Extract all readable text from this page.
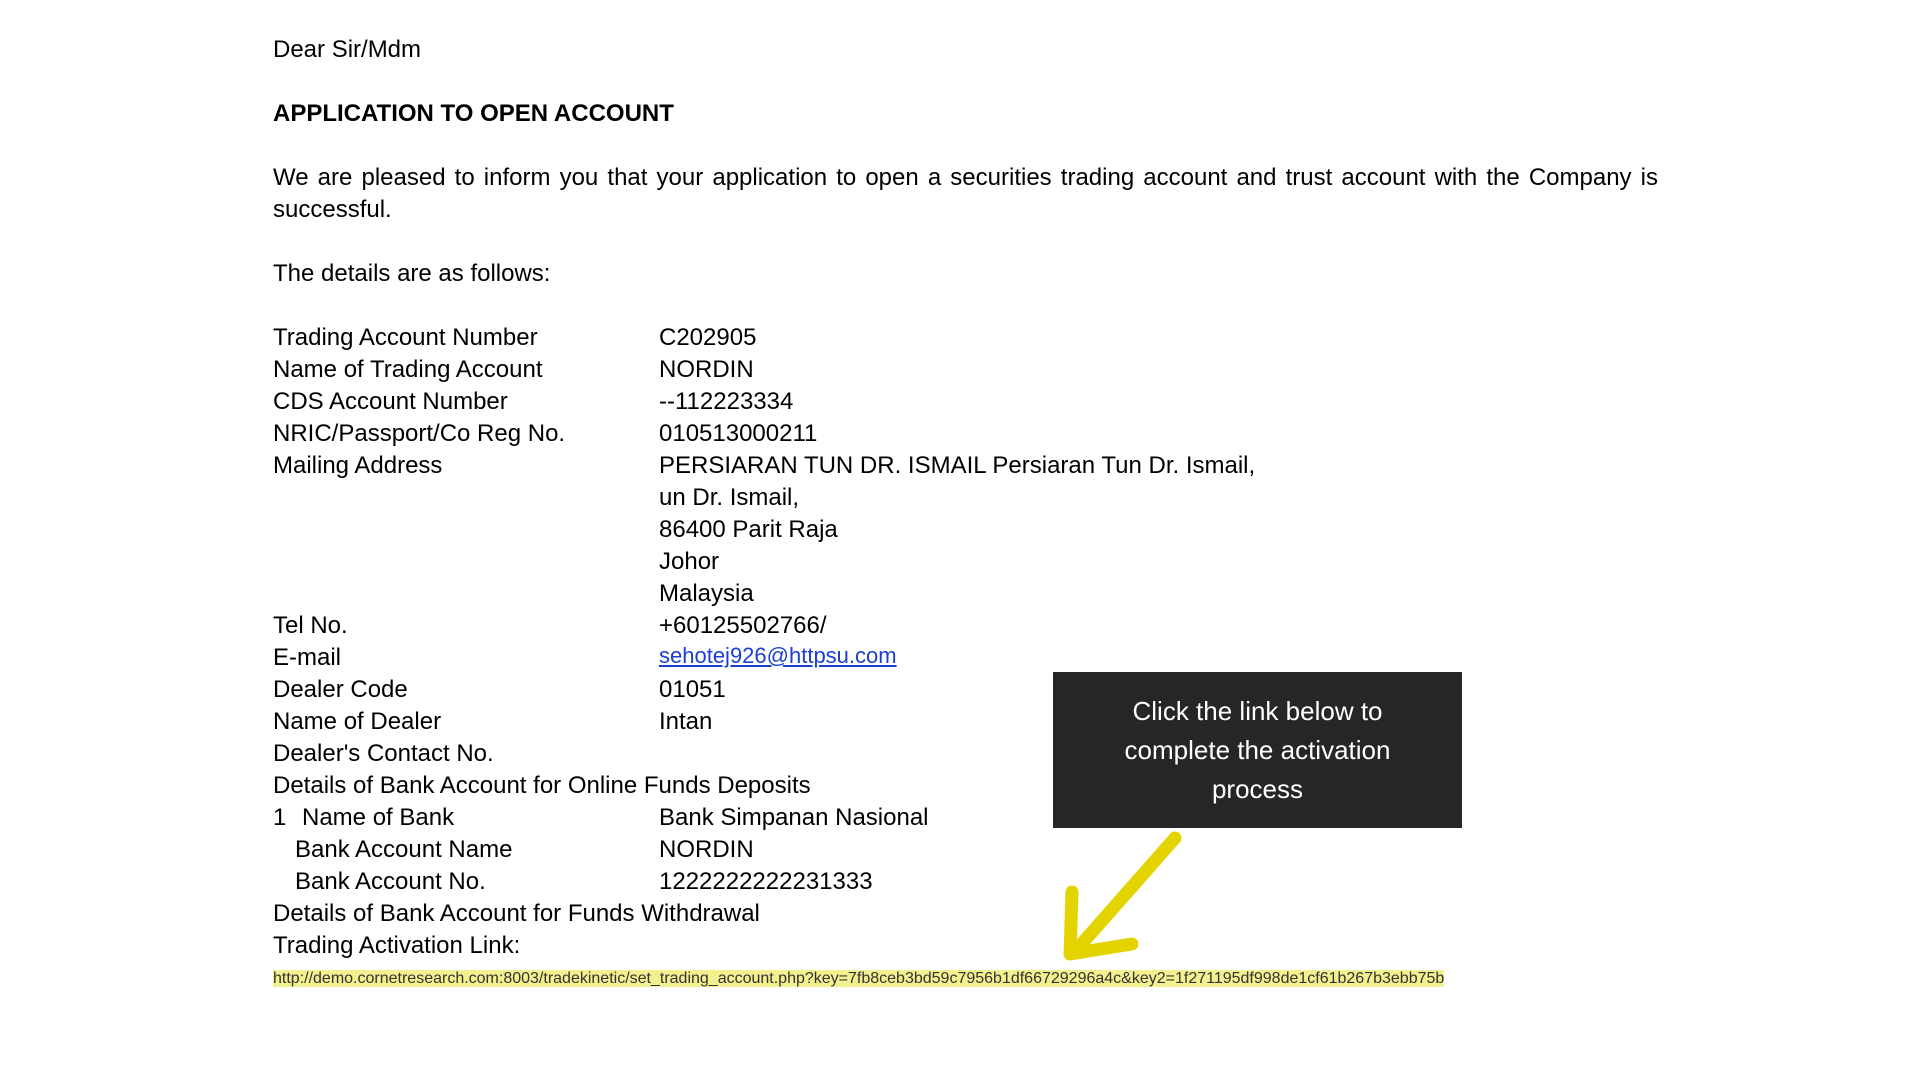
Dear Sir/Mdm

APPLICATION TO OPEN ACCOUNT

We are pleased to inform you that your application to open a securities trading account and trust account with the Company is successful.

The details are as follows:

Trading Account Number	C202905
Name of Trading Account	NORDIN
CDS Account Number	--112223334
NRIC/Passport/Co Reg No.	010513000211
Mailing Address	PERSIARAN TUN DR. ISMAIL Persiaran Tun Dr. Ismail,
un Dr. Ismail,
86400 Parit Raja
Johor
Malaysia
Tel No.	+60125502766/
E-mail	sehotej926@httpsu.com
Dealer Code	01051
Name of Dealer	Intan
Dealer's Contact No.
Details of Bank Account for Online Funds Deposits
1 Name of Bank	Bank Simpanan Nasional
Bank Account Name	NORDIN
Bank Account No.	1222222222231333
Details of Bank Account for Funds Withdrawal
Trading Activation Link:
http://demo.cornetresearch.com:8003/tradekinetic/set_trading_account.php?key=7fb8ceb3bd59c7956b1df66729296a4c&key2=1f271195df998de1cf61b267b3ebb75b
Click the link below to complete the activation process
